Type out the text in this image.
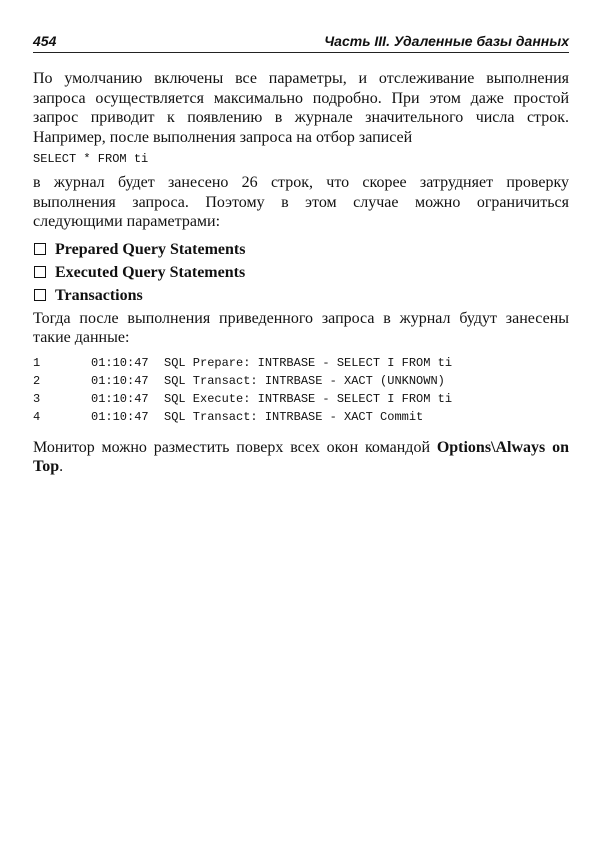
454	Часть III. Удаленные базы данных

По умолчанию включены все параметры, и отслеживание выполнения запроса осуществляется максимально подробно. При этом даже простой запрос приводит к появлению в журнале значительного числа строк. Например, после выполнения запроса на отбор записей

SELECT * FROM ti

в журнал будет занесено 26 строк, что скорее затрудняет проверку выполнения запроса. Поэтому в этом случае можно ограничиться следующими параметрами:

Prepared Query Statements
Executed Query Statements
Transactions

Тогда после выполнения приведенного запроса в журнал будут занесены такие данные:

1	01:10:47	SQL Prepare: INTRBASE - SELECT I FROM ti
2	01:10:47	SQL Transact: INTRBASE - XACT (UNKNOWN)
3	01:10:47	SQL Execute: INTRBASE - SELECT I FROM ti
4	01:10:47	SQL Transact: INTRBASE - XACT Commit

Монитор можно разместить поверх всех окон командой Options\Always on Top.
